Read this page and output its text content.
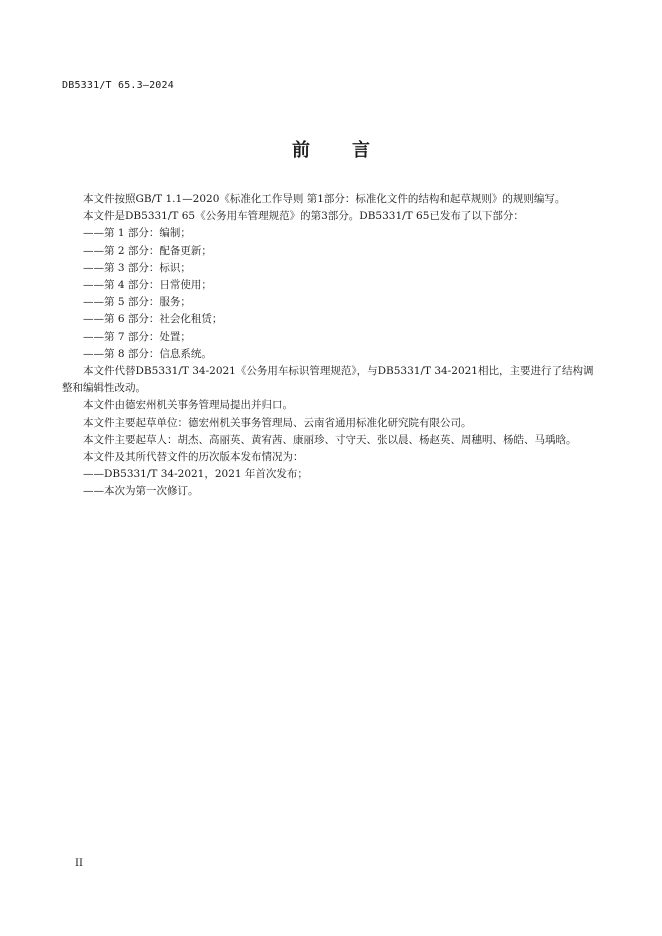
DB5331/T 65.3—2024
前言

本文件按照GB/T 1.1—2020《标准化工作导则 第1部分：标准化文件的结构和起草规则》的规则编写。

本文件是DB5331/T 65《公务用车管理规范》的第3部分。DB5331/T 65已发布了以下部分：

——第 1 部分：编制；

——第 2 部分：配备更新；

——第 3 部分：标识；

——第 4 部分：日常使用；

——第 5 部分：服务；

——第 6 部分：社会化租赁；

——第 7 部分：处置；

——第 8 部分：信息系统。

本文件代替DB5331/T 34-2021《公务用车标识管理规范》，与DB5331/T 34-2021相比，主要进行了结构调整和编辑性改动。

本文件由德宏州机关事务管理局提出并归口。

本文件主要起草单位：德宏州机关事务管理局、云南省通用标准化研究院有限公司。

本文件主要起草人：胡杰、高丽英、黄宥茜、康丽珍、寸守天、张以晨、杨赵英、周穗明、杨皓、马瑀晗。

本文件及其所代替文件的历次版本发布情况为：

——DB5331/T 34-2021，2021 年首次发布；

——本次为第一次修订。

II
